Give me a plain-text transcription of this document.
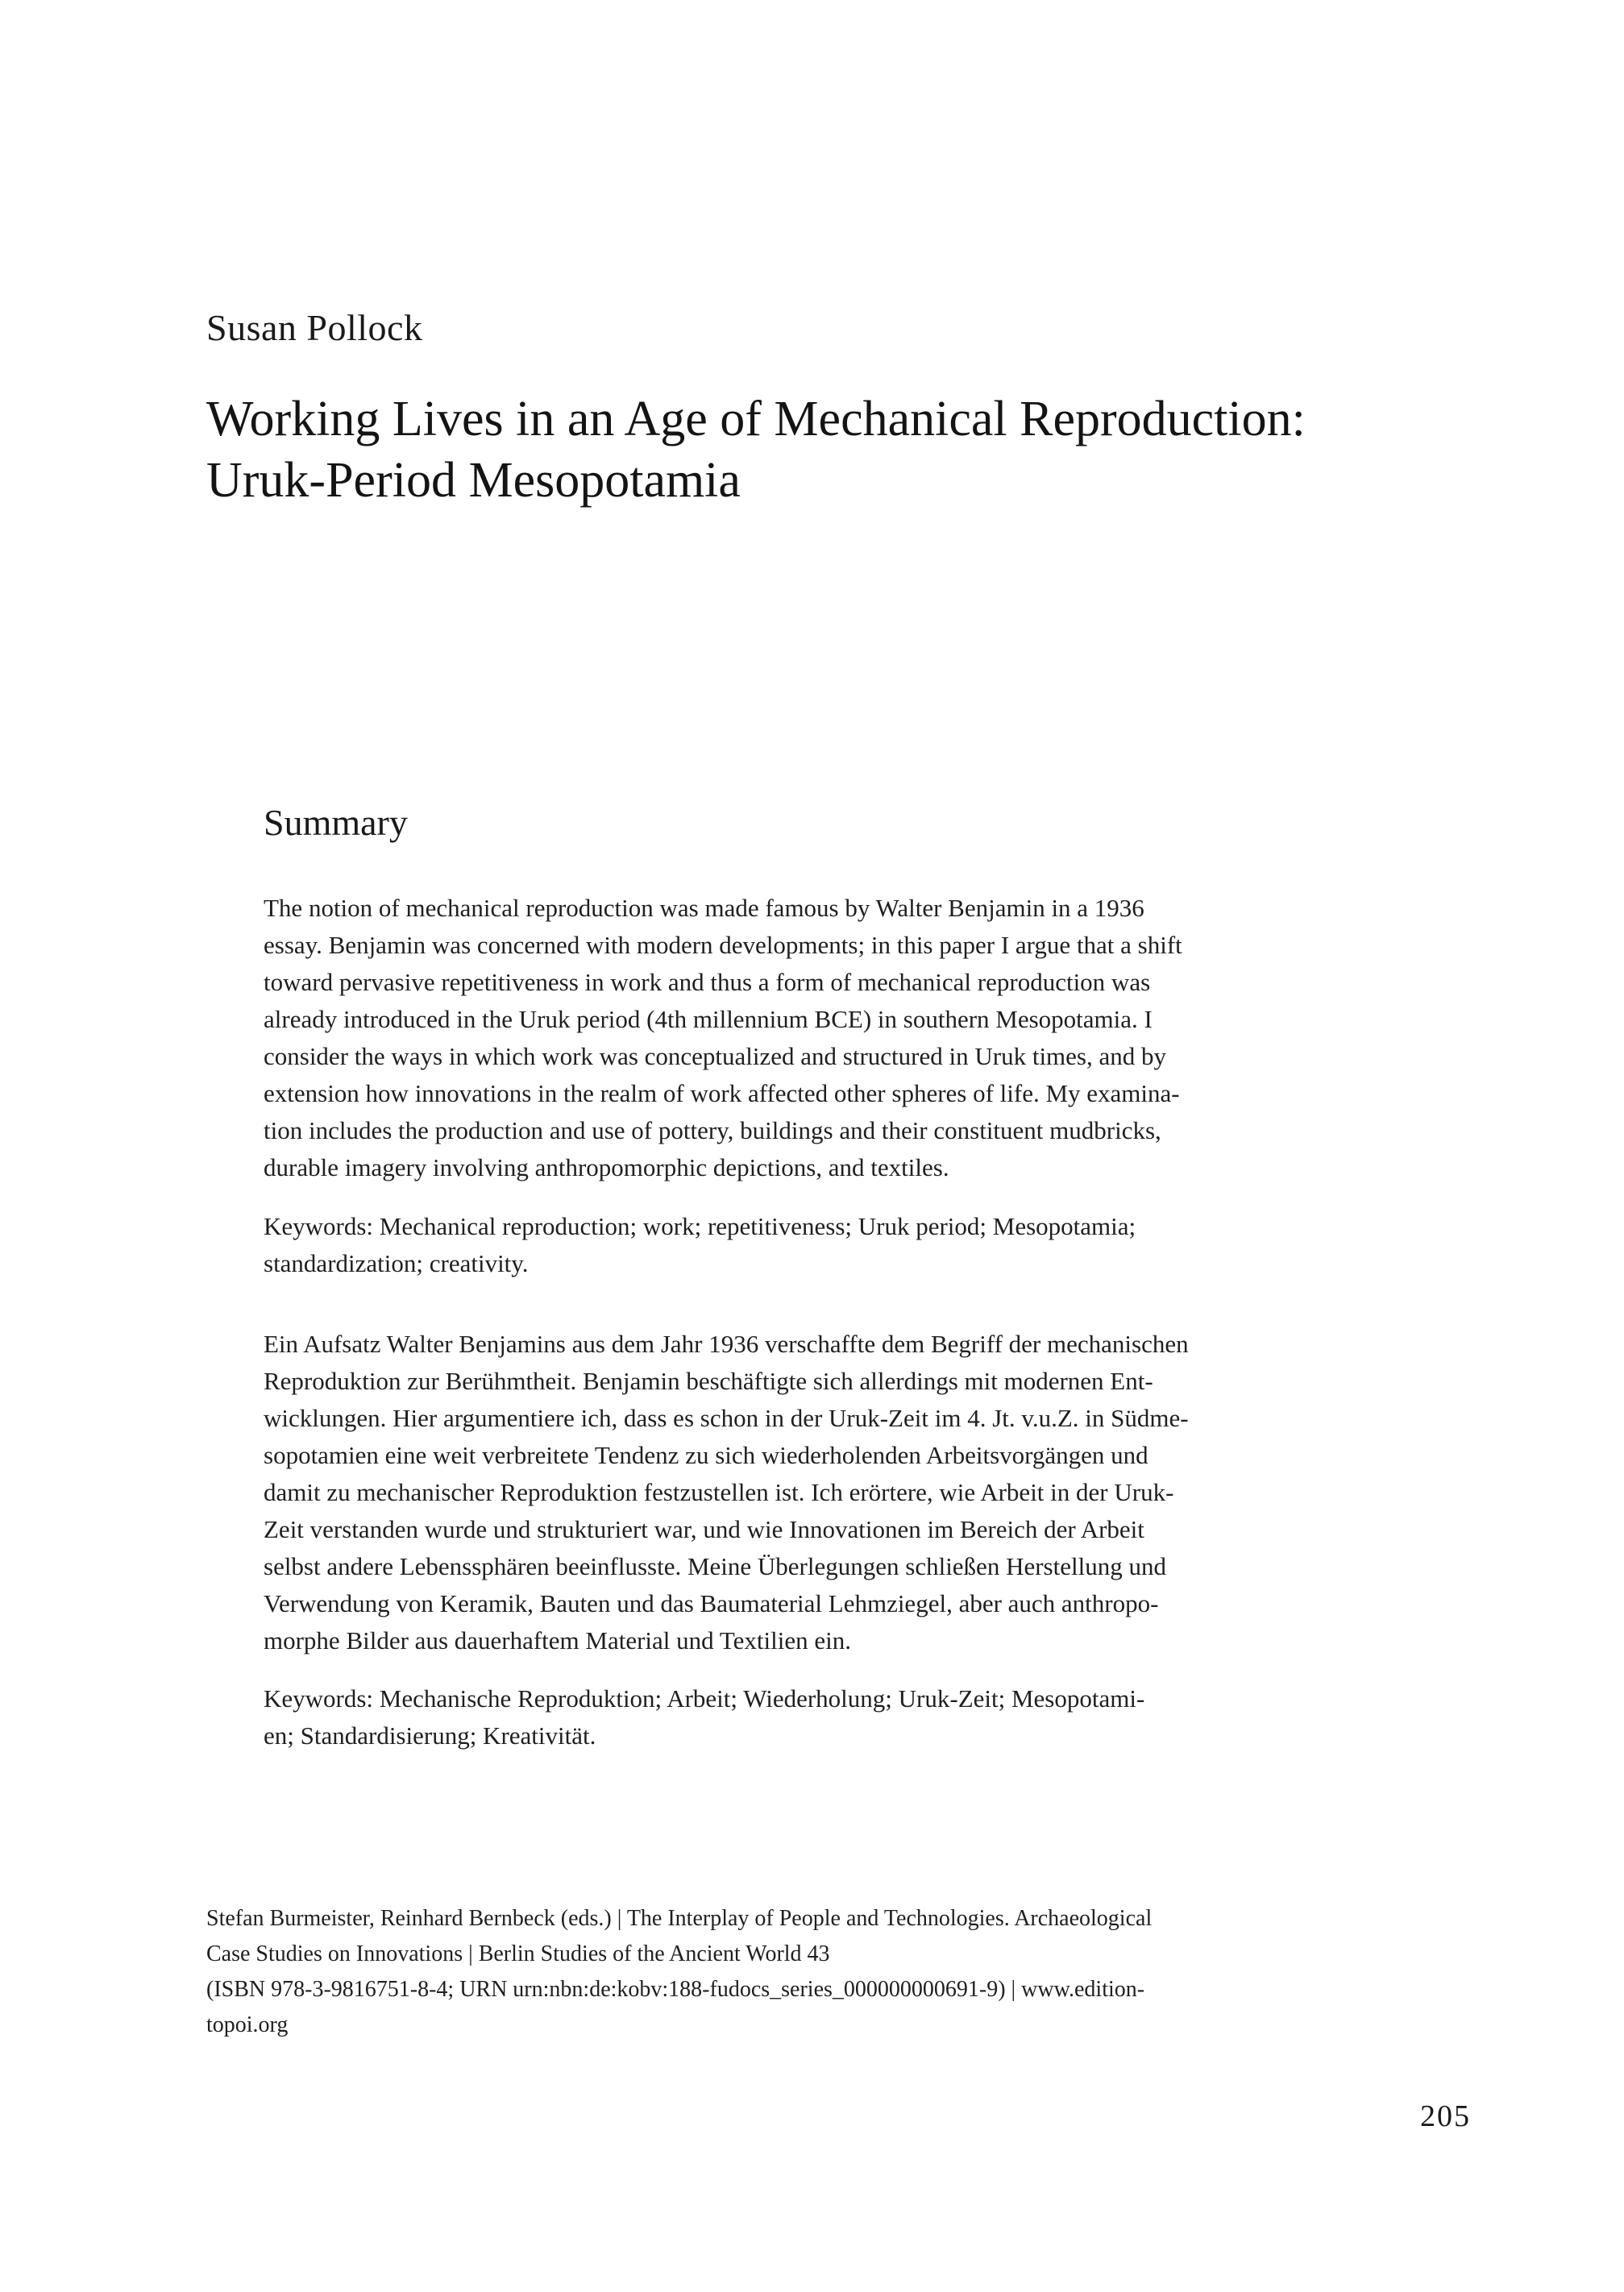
Susan Pollock
Working Lives in an Age of Mechanical Reproduction:
Uruk-Period Mesopotamia
Summary

The notion of mechanical reproduction was made famous by Walter Benjamin in a 1936
essay. Benjamin was concerned with modern developments; in this paper I argue that a shift
toward pervasive repetitiveness in work and thus a form of mechanical reproduction was
already introduced in the Uruk period (4th millennium BCE) in southern Mesopotamia. I
consider the ways in which work was conceptualized and structured in Uruk times, and by
extension how innovations in the realm of work affected other spheres of life. My examina-
tion includes the production and use of pottery, buildings and their constituent mudbricks,
durable imagery involving anthropomorphic depictions, and textiles.

Keywords: Mechanical reproduction; work; repetitiveness; Uruk period; Mesopotamia;
standardization; creativity.

Ein Aufsatz Walter Benjamins aus dem Jahr 1936 verschaffte dem Begriff der mechanischen
Reproduktion zur Berühmtheit. Benjamin beschäftigte sich allerdings mit modernen Ent-
wicklungen. Hier argumentiere ich, dass es schon in der Uruk-Zeit im 4. Jt. v.u.Z. in Südme-
sopotamien eine weit verbreitete Tendenz zu sich wiederholenden Arbeitsvorgängen und
damit zu mechanischer Reproduktion festzustellen ist. Ich erörtere, wie Arbeit in der Uruk-
Zeit verstanden wurde und strukturiert war, und wie Innovationen im Bereich der Arbeit
selbst andere Lebenssphären beeinflusste. Meine Überlegungen schließen Herstellung und
Verwendung von Keramik, Bauten und das Baumaterial Lehmziegel, aber auch anthropo-
morphe Bilder aus dauerhaftem Material und Textilien ein.

Keywords: Mechanische Reproduktion; Arbeit; Wiederholung; Uruk-Zeit; Mesopotami-
en; Standardisierung; Kreativität.

Stefan Burmeister, Reinhard Bernbeck (eds.) | The Interplay of People and Technologies. Archaeological
Case Studies on Innovations | Berlin Studies of the Ancient World 43
(ISBN 978-3-9816751-8-4; URN urn:nbn:de:kobv:188-fudocs_series_000000000691-9) | www.edition-
topoi.org

205
